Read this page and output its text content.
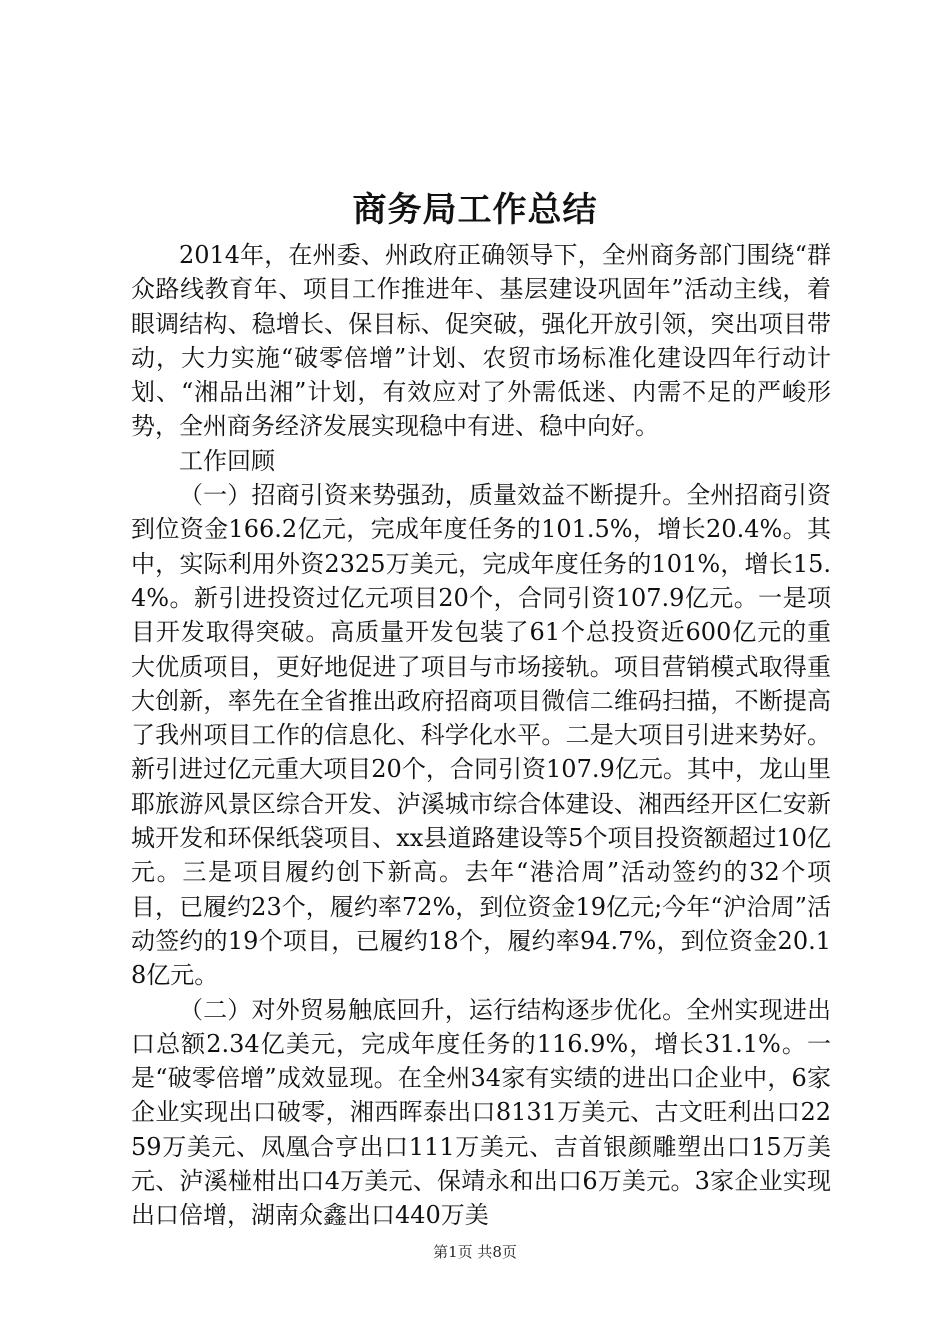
商务局工作总结

2014年，在州委、州政府正确领导下，全州商务部门围绕“群众路线教育年、项目工作推进年、基层建设巩固年”活动主线，着眼调结构、稳增长、保目标、促突破，强化开放引领，突出项目带动，大力实施“破零倍增”计划、农贸市场标准化建设四年行动计划、“湘品出湘”计划，有效应对了外需低迷、内需不足的严峻形势，全州商务经济发展实现稳中有进、稳中向好。

工作回顾

（一）招商引资来势强劲，质量效益不断提升。全州招商引资到位资金166.2亿元，完成年度任务的101.5%，增长20.4%。其中，实际利用外资2325万美元，完成年度任务的101%，增长15.4%。新引进投资过亿元项目20个，合同引资107.9亿元。一是项目开发取得突破。高质量开发包装了61个总投资近600亿元的重大优质项目，更好地促进了项目与市场接轨。项目营销模式取得重大创新，率先在全省推出政府招商项目微信二维码扫描，不断提高了我州项目工作的信息化、科学化水平。二是大项目引进来势好。新引进过亿元重大项目20个，合同引资107.9亿元。其中，龙山里耶旅游风景区综合开发、泸溪城市综合体建设、湘西经开区仁安新城开发和环保纸袋项目、xx县道路建设等5个项目投资额超过10亿元。三是项目履约创下新高。去年“港洽周”活动签约的32个项目，已履约23个，履约率72%，到位资金19亿元;今年“沪洽周”活动签约的19个项目，已履约18个，履约率94.7%，到位资金20.18亿元。

（二）对外贸易触底回升，运行结构逐步优化。全州实现进出口总额2.34亿美元，完成年度任务的116.9%，增长31.1%。一是“破零倍增”成效显现。在全州34家有实绩的进出口企业中，6家企业实现出口破零，湘西晖泰出口8131万美元、古文旺利出口2259万美元、凤凰合亨出口111万美元、吉首银颜雕塑出口15万美元、泸溪椪柑出口4万美元、保靖永和出口6万美元。3家企业实现出口倍增，湖南众鑫出口440万美

第1页 共8页
